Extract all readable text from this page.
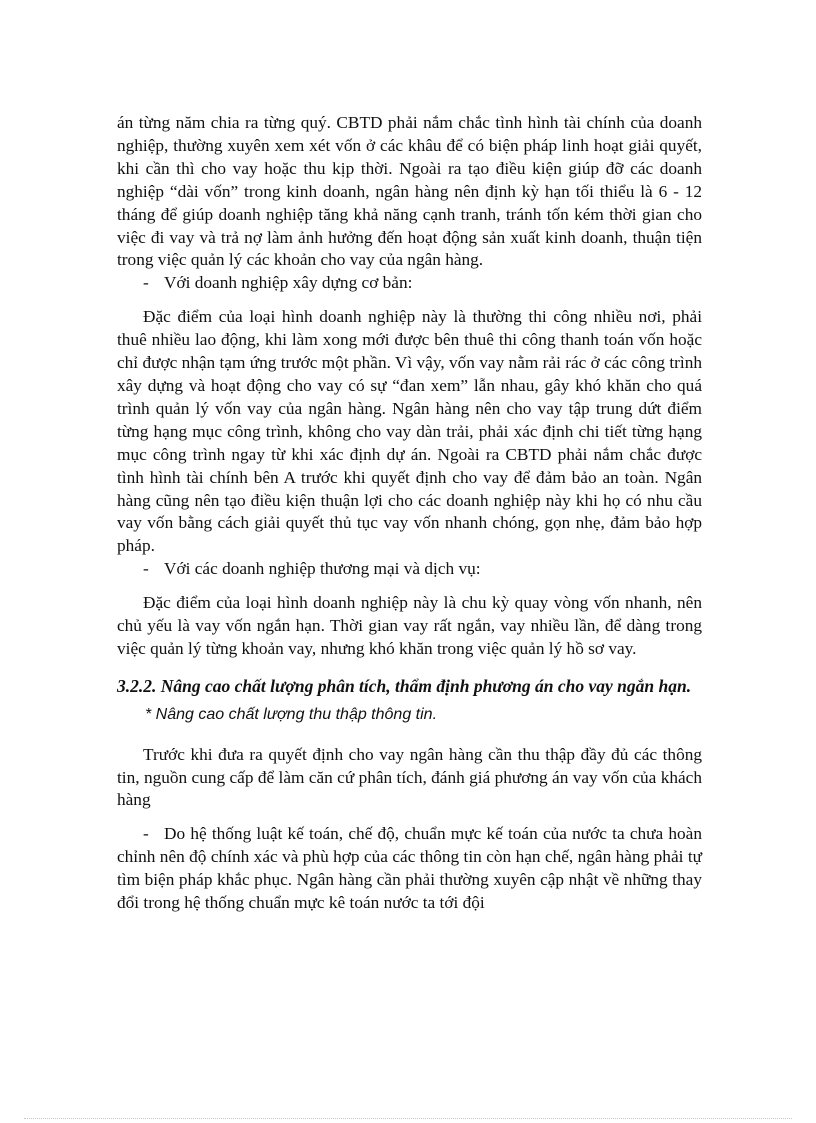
án từng năm chia ra từng quý. CBTD phải nắm chắc tình hình tài chính của doanh nghiệp, thường xuyên xem xét vốn ở các khâu để có biện pháp linh hoạt giải quyết, khi cần thì cho vay hoặc thu kịp thời. Ngoài ra tạo điều kiện giúp đỡ các doanh nghiệp “dài vốn” trong kinh doanh, ngân hàng nên định kỳ hạn tối thiểu là 6 - 12 tháng để giúp doanh nghiệp tăng khả năng cạnh tranh, tránh tốn kém thời gian cho việc đi vay và trả nợ làm ảnh hưởng đến hoạt động sản xuất kinh doanh, thuận tiện trong việc quản lý các khoản cho vay của ngân hàng.

- Với doanh nghiệp xây dựng cơ bản:

Đặc điểm của loại hình doanh nghiệp này là thường thi công nhiều nơi, phải thuê nhiều lao động, khi làm xong mới được bên thuê thi công thanh toán vốn hoặc chỉ được nhận tạm ứng trước một phần. Vì vậy, vốn vay nằm rải rác ở các công trình xây dựng và hoạt động cho vay có sự “đan xem” lẫn nhau, gây khó khăn cho quá trình quản lý vốn vay của ngân hàng. Ngân hàng nên cho vay tập trung dứt điểm từng hạng mục công trình, không cho vay dàn trải, phải xác định chi tiết từng hạng mục công trình ngay từ khi xác định dự án. Ngoài ra CBTD phải nắm chắc được tình hình tài chính bên A trước khi quyết định cho vay để đảm bảo an toàn. Ngân hàng cũng nên tạo điều kiện thuận lợi cho các doanh nghiệp này khi họ có nhu cầu vay vốn bằng cách giải quyết thủ tục vay vốn nhanh chóng, gọn nhẹ, đảm bảo hợp pháp.

- Với các doanh nghiệp thương mại và dịch vụ:

Đặc điểm của loại hình doanh nghiệp này là chu kỳ quay vòng vốn nhanh, nên chủ yếu là vay vốn ngắn hạn. Thời gian vay rất ngắn, vay nhiều lần, để dàng trong việc quản lý từng khoản vay, nhưng khó khăn trong việc quản lý hồ sơ vay.

3.2.2. Nâng cao chất lượng phân tích, thẩm định phương án cho vay ngắn hạn.

* Nâng cao chất lượng thu thập thông tin.

Trước khi đưa ra quyết định cho vay ngân hàng cần thu thập đầy đủ các thông tin, nguồn cung cấp để làm căn cứ phân tích, đánh giá phương án vay vốn của khách hàng

- Do hệ thống luật kế toán, chế độ, chuẩn mực kế toán của nước ta chưa hoàn chỉnh nên độ chính xác và phù hợp của các thông tin còn hạn chế, ngân hàng phải tự tìm biện pháp khắc phục. Ngân hàng cần phải thường xuyên cập nhật về những thay đổi trong hệ thống chuẩn mực kê toán nước ta tới đội
